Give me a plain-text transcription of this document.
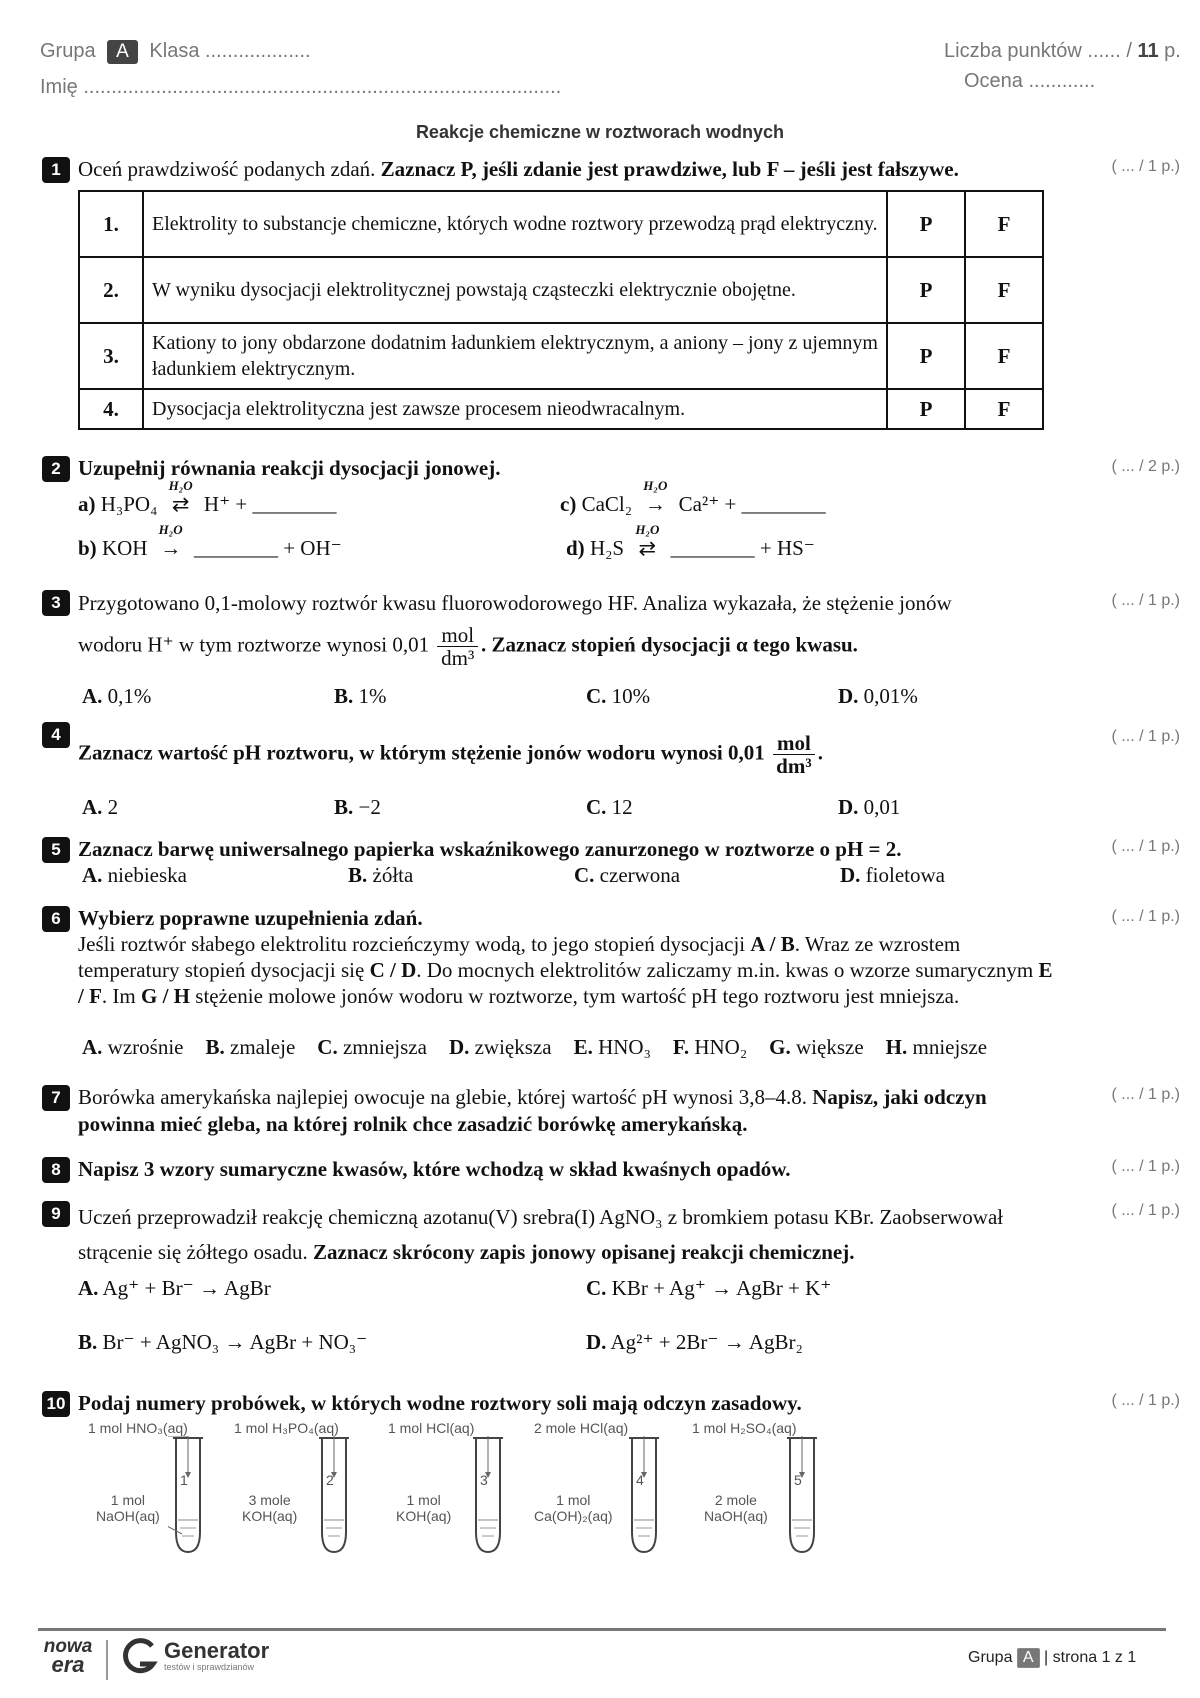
Grupa A Klasa ...................
Imię ......................................................................................
Liczba punktów ...... / 11 p.
Ocena ............
Reakcje chemiczne w roztworach wodnych
1 Oceń prawdziwość podanych zdań. Zaznacz P, jeśli zdanie jest prawdziwe, lub F – jeśli jest fałszywe.	( ... / 1 p.)
1.	Elektrolity to substancje chemiczne, których wodne roztwory przewodzą prąd elektryczny.	P	F
2.	W wyniku dysocjacji elektrolitycznej powstają cząsteczki elektrycznie obojętne.	P	F
3.	Kationy to jony obdarzone dodatnim ładunkiem elektrycznym, a aniony – jony z ujemnym ładunkiem elektrycznym.	P	F
4.	Dysocjacja elektrolityczna jest zawsze procesem nieodwracalnym.	P	F
2 Uzupełnij równania reakcji dysocjacji jonowej.	( ... / 2 p.)
a) H₃PO₄
H₂O
⇄ H⁺ + ________
b) KOH
H₂O
→ ________ + OH⁻
c) CaCl₂
H₂O
→ Ca²⁺ + ________
d) H₂S
H₂O
⇄ ________ + HS⁻
3 Przygotowano 0,1-molowy roztwór kwasu fluorowodorowego HF. Analiza wykazała, że stężenie jonów	( ... / 1 p.)
wodoru H⁺ w tym roztworze wynosi $0,01 \frac{\text{mol}}{\text{dm³}}$ . Zaznacz stopień dysocjacji α tego kwasu.
A. 0,1%	B. 1%	C. 10%	D. 0,01%
4	( ... / 1 p.)
Zaznacz wartość pH roztworu, w którym stężenie jonów wodoru wynosi $0,01 \frac{\text{mol}}{\text{dm³}}$ .
A. 2	B. −2	C. 12	D. 0,01
5 Zaznacz barwę uniwersalnego papierka wskaźnikowego zanurzonego w roztworze o pH = 2.	( ... / 1 p.)
A. niebieska	B. żółta	C. czerwona	D. fioletowa
6 Wybierz poprawne uzupełnienia zdań.	( ... / 1 p.)
Jeśli roztwór słabego elektrolitu rozcieńczymy wodą, to jego stopień dysocjacji A / B. Wraz ze wzrostem temperatury stopień dysocjacji się C / D. Do mocnych elektrolitów zaliczamy m.in. kwas o wzorze sumarycznym E / F. Im G / H stężenie molowe jonów wodoru w roztworze, tym wartość pH tego roztworu jest mniejsza.
A. wzrośnie B. zmaleje C. zmniejsza D. zwiększa E. HNO₃ F. HNO₂ G. większe H. mniejsze
7 Borówka amerykańska najlepiej owocuje na glebie, której wartość pH wynosi 3,8–4.8. Napisz, jaki odczyn powinna mieć gleba, na której rolnik chce zasadzić borówkę amerykańską.
( ... / 1 p.)
8 Napisz 3 wzory sumaryczne kwasów, które wchodzą w skład kwaśnych opadów.	( ... / 1 p.)
9 Uczeń przeprowadził reakcję chemiczną azotanu(V) srebra(I) AgNO₃ z bromkiem potasu KBr. Zaobserwował strącenie się żółtego osadu. Zaznacz skrócony zapis jonowy opisanej reakcji chemicznej.
( ... / 1 p.)
A. Ag⁺ + Br⁻ → AgBr	C. KBr + Ag⁺ → AgBr + K⁺
B. Br⁻ + AgNO₃ → AgBr + NO₃⁻	D. Ag²⁺ + 2Br⁻ → AgBr₂
10 Podaj numery probówek, w których wodne roztwory soli mają odczyn zasadowy.	( ... / 1 p.)
1 mol HNO₃(aq)
1
1 mol
NaOH(aq)
1 mol H₃PO₄(aq)
2
3 mole
KOH(aq)
1 mol HCl(aq)
3
1 mol
KOH(aq)
2 mole HCl(aq)
4
1 mol
Ca(OH)₂(aq)
1 mol H₂SO₄(aq)
5
2 mole
NaOH(aq)
nowa
era
Generator
testów i sprawdzianów
Grupa A | strona 1 z 1
